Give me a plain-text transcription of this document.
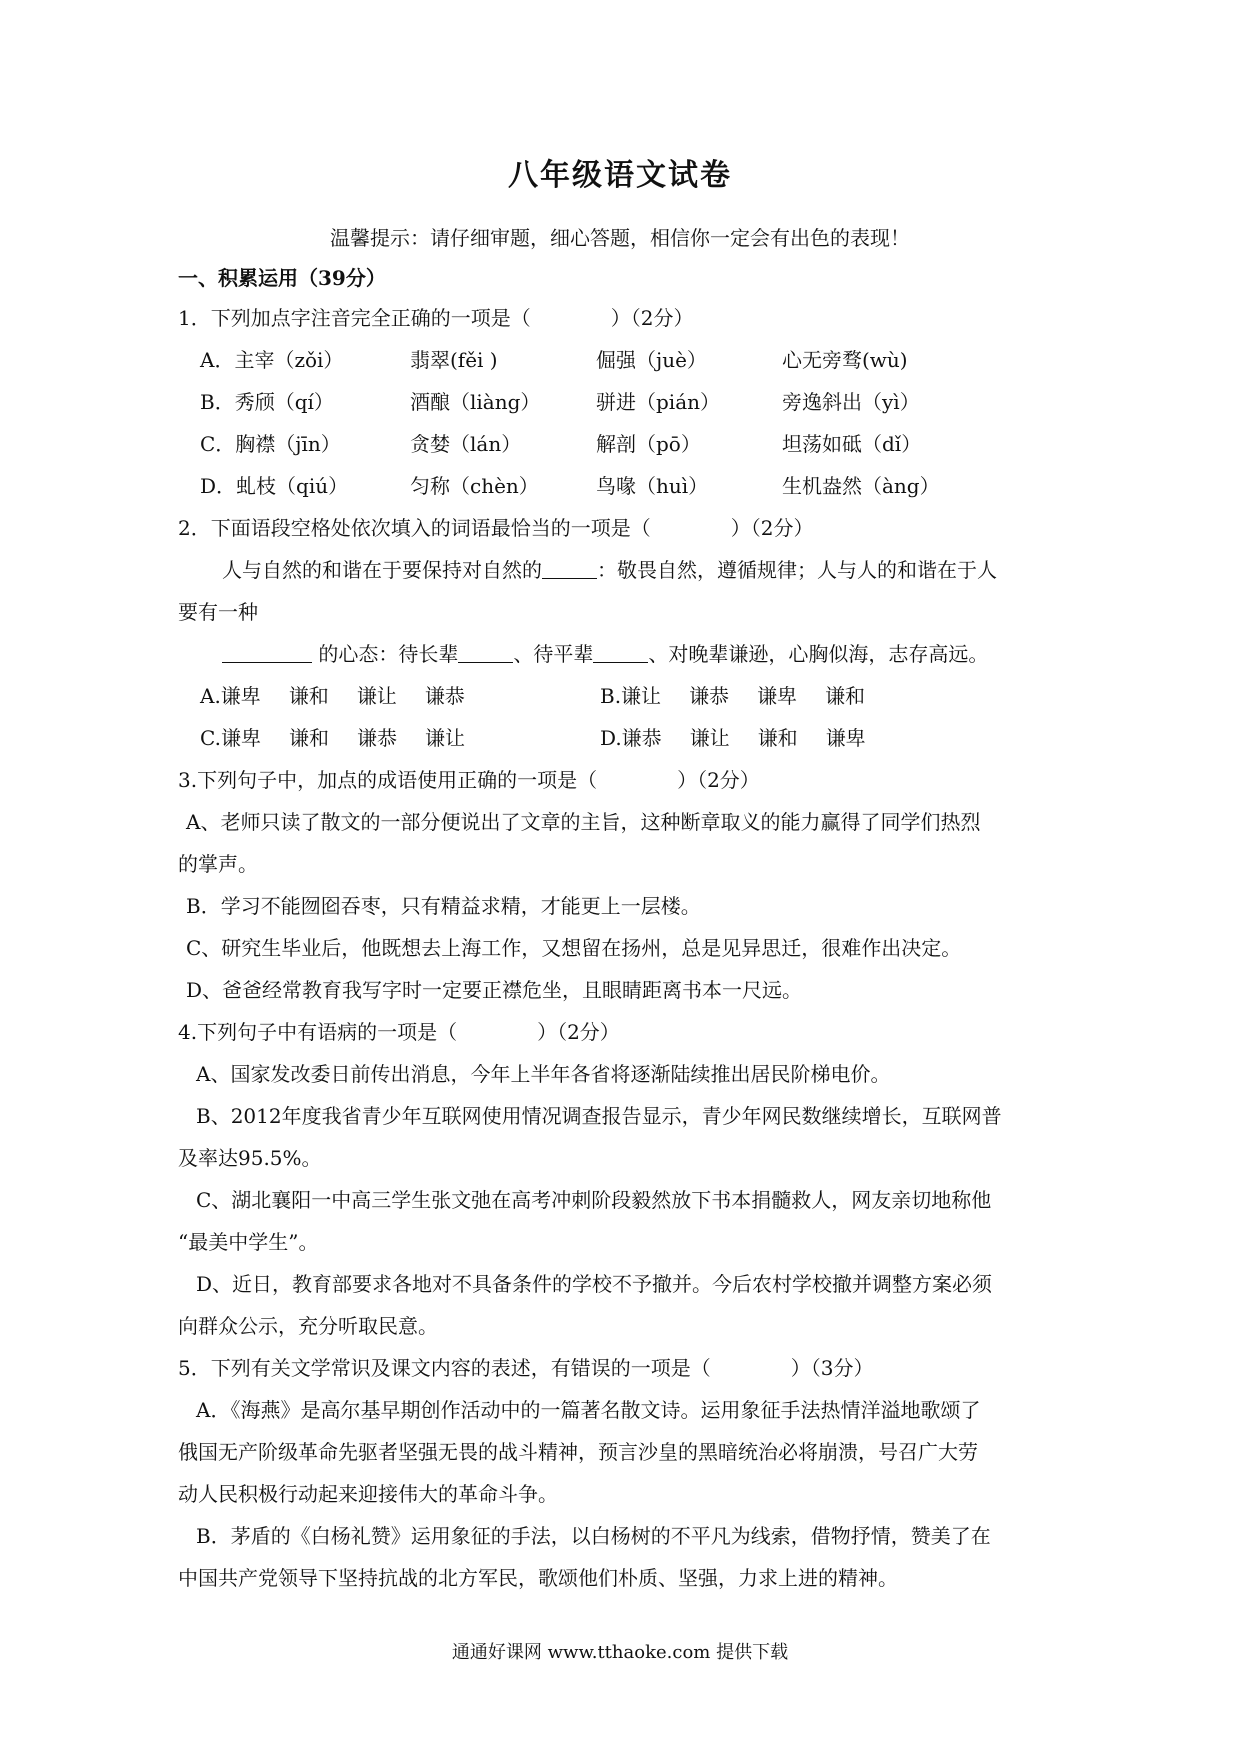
八年级语文试卷
温馨提示：请仔细审题，细心答题，相信你一定会有出色的表现！
一、积累运用（39分）
1．下列加点字注音完全正确的一项是（　　　　）（2分）
A．主宰（zǒi）	翡翠(fěi )	倔强（juè）	心无旁骛(wù)
B．秀颀（qí）	酒酿（liàng）	骈进（pián）	旁逸斜出（yì）
C．胸襟（jīn）	贪婪（lán）	解剖（pō）	坦荡如砥（dǐ）
D．虬枝（qiú）	匀称（chèn）	鸟喙（huì）	生机盎然（àng）
2．下面语段空格处依次填入的词语最恰当的一项是（　　　　）（2分）
人与自然的和谐在于要保持对自然的	：敬畏自然，遵循规律；人与人的和谐在于人
要有一种
的心态：待长辈	、待平辈	、对晚辈谦逊，心胸似海，志存高远。
A.谦卑 谦和 谦让 谦恭	B.谦让 谦恭 谦卑 谦和
C.谦卑 谦和 谦恭 谦让	D.谦恭 谦让 谦和 谦卑
3.下列句子中，加点的成语使用正确的一项是（　　　　）（2分）
A、老师只读了散文的一部分便说出了文章的主旨，这种断章取义的能力赢得了同学们热烈
的掌声。
B．学习不能囫囵吞枣，只有精益求精，才能更上一层楼。
C、研究生毕业后，他既想去上海工作，又想留在扬州，总是见异思迁，很难作出决定。
D、爸爸经常教育我写字时一定要正襟危坐，且眼睛距离书本一尺远。
4.下列句子中有语病的一项是（　　　　）（2分）
A、国家发改委日前传出消息，今年上半年各省将逐渐陆续推出居民阶梯电价。
B、2012年度我省青少年互联网使用情况调查报告显示，青少年网民数继续增长，互联网普
及率达95.5%。
C、湖北襄阳一中高三学生张文弛在高考冲刺阶段毅然放下书本捐髓救人，网友亲切地称他
“最美中学生”。
D、近日，教育部要求各地对不具备条件的学校不予撤并。今后农村学校撤并调整方案必须
向群众公示，充分听取民意。
5．下列有关文学常识及课文内容的表述，有错误的一项是（　　　　）（3分）
A．《海燕》是高尔基早期创作活动中的一篇著名散文诗。运用象征手法热情洋溢地歌颂了
俄国无产阶级革命先驱者坚强无畏的战斗精神，预言沙皇的黑暗统治必将崩溃，号召广大劳
动人民积极行动起来迎接伟大的革命斗争。
B．茅盾的《白杨礼赞》运用象征的手法，以白杨树的不平凡为线索，借物抒情，赞美了在
中国共产党领导下坚持抗战的北方军民，歌颂他们朴质、坚强，力求上进的精神。
通通好课网 www.tthaoke.com 提供下载
